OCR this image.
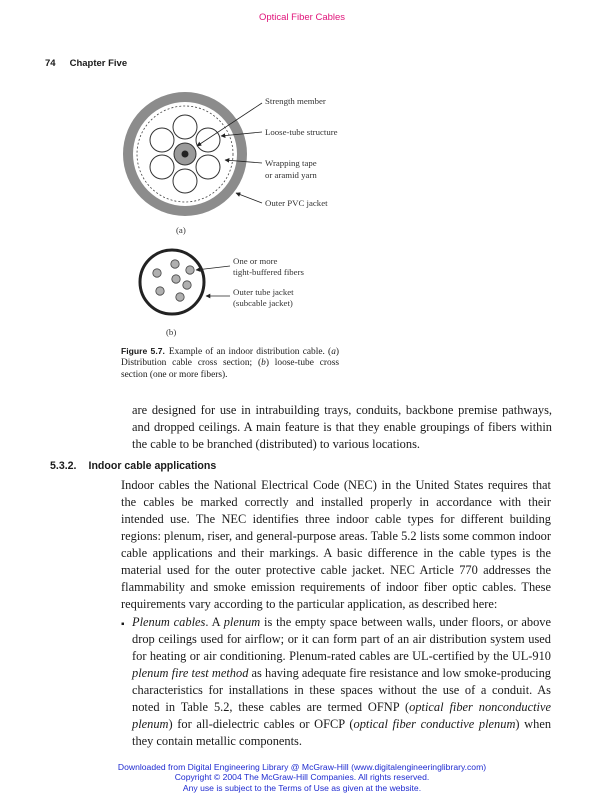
Optical Fiber Cables
74 Chapter Five
Strength member
Loose-tube structure
Wrapping tape
or aramid yarn
Outer PVC jacket
(a)
One or more
tight-buffered fibers
Outer tube jacket
(subcable jacket)
(b)
Figure 5.7. Example of an indoor distribution cable. (a) Distribution cable cross section; (b) loose-tube cross section (one or more fibers).
are designed for use in intrabuilding trays, conduits, backbone premise pathways, and dropped ceilings. A main feature is that they enable groupings of fibers within the cable to be branched (distributed) to various locations.
5.3.2. Indoor cable applications
Indoor cables the National Electrical Code (NEC) in the United States requires that the cables be marked correctly and installed properly in accordance with their intended use. The NEC identifies three indoor cable types for different building regions: plenum, riser, and general-purpose areas. Table 5.2 lists some common indoor cable applications and their markings. A basic difference in the cable types is the material used for the outer protective cable jacket. NEC Article 770 addresses the flammability and smoke emission requirements of indoor fiber optic cables. These requirements vary according to the particular application, as described here:
▪ Plenum cables. A plenum is the empty space between walls, under floors, or above drop ceilings used for airflow; or it can form part of an air distribution system used for heating or air conditioning. Plenum-rated cables are UL-certified by the UL-910 plenum fire test method as having adequate fire resistance and low smoke-producing characteristics for installations in these spaces without the use of a conduit. As noted in Table 5.2, these cables are termed OFNP (optical fiber nonconductive plenum) for all-dielectric cables or OFCP (optical fiber conductive plenum) when they contain metallic components.
Downloaded from Digital Engineering Library @ McGraw-Hill (www.digitalengineeringlibrary.com)
Copyright © 2004 The McGraw-Hill Companies. All rights reserved.
Any use is subject to the Terms of Use as given at the website.
